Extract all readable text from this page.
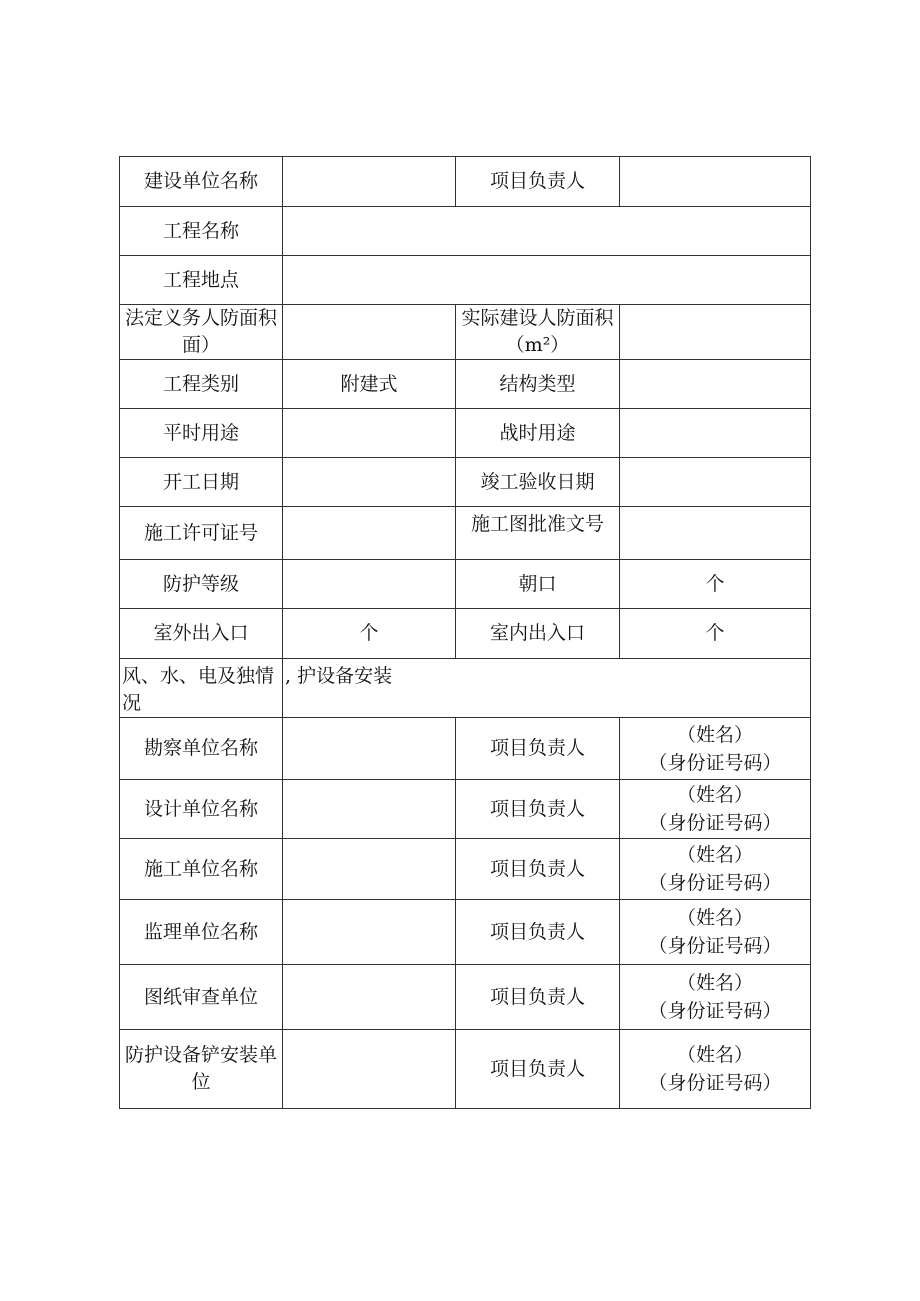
建设单位名称		项目负责人	
工程名称			
工程地点			
法定义务人防面积面）		实际建设人防面积（m²）	
工程类别	附建式	结构类型	
平时用途		战时用途	
开工日期		竣工验收日期	
施工许可证号		施工图批准文号	
防护等级		朝口	个
室外出入口	个	室内出入口	个
风、水、电及独情况	, 护设备安装		
勘察单位名称		项目负责人	（姓名）
（身份证号码）

设计单位名称		项目负责人	（姓名）
（身份证号码）

施工单位名称		项目负责人	（姓名）
（身份证号码）

监理单位名称		项目负责人	（姓名）
（身份证号码）

图纸审查单位		项目负责人	（姓名）
（身份证号码）

防护设备铲安装单位		项目负责人	（姓名）
（身份证号码）
